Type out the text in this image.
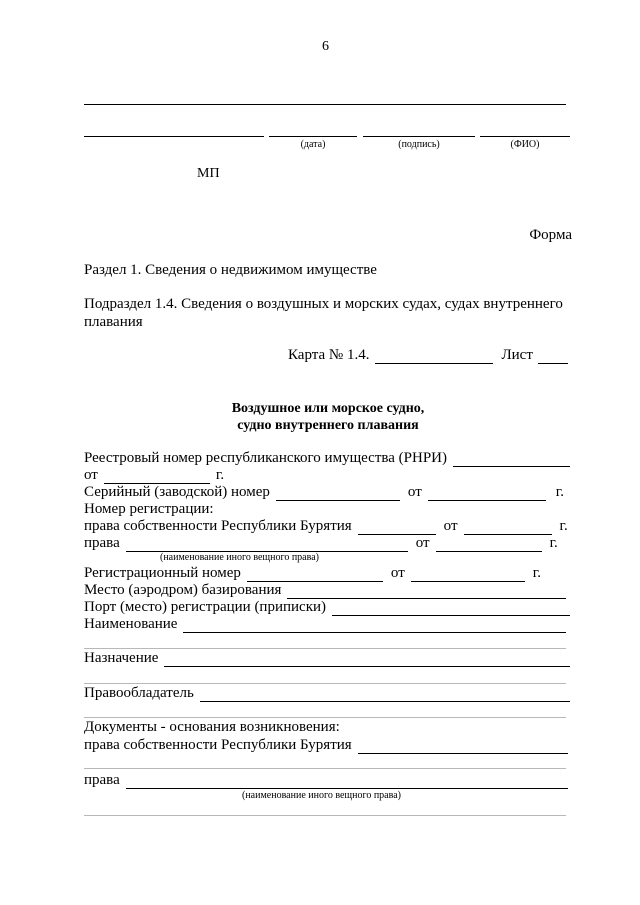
6
(дата)	(подпись)	(ФИО)
МП
Форма
Раздел 1. Сведения о недвижимом имуществе
Подраздел 1.4. Сведения о воздушных и морских судах, судах внутреннего
плавания
Карта № 1.4.	Лист
Воздушное или морское судно,
судно внутреннего плавания
Реестровый номер республиканского имущества (РНРИ)
от	г.
Серийный (заводской) номер	от	г.
Номер регистрации:
права собственности Республики Бурятия	от	г.
права	от	г.
(наименование иного вещного права)
Регистрационный номер	от	г.
Место (аэродром) базирования
Порт (место) регистрации (приписки)
Наименование
Назначение
Правообладатель
Документы - основания возникновения:
права собственности Республики Бурятия
права
(наименование иного вещного права)
